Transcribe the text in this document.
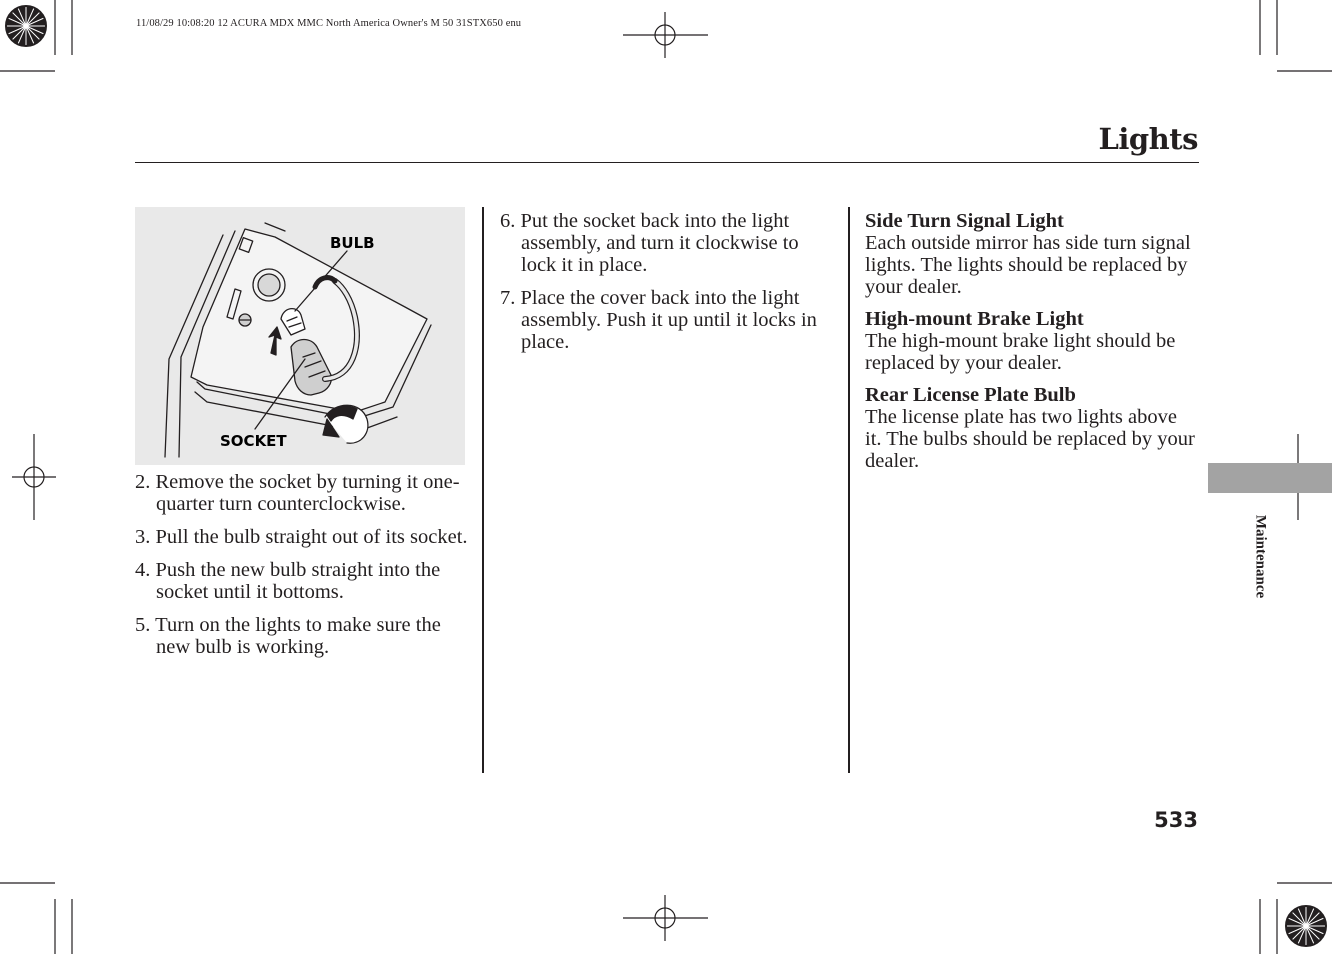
11/08/29 10:08:20 12 ACURA MDX MMC North America Owner's M 50 31STX650 enu
Lights
BULB
SOCKET
2. Remove the socket by turning it one-quarter turn counterclockwise.
3. Pull the bulb straight out of its socket.
4. Push the new bulb straight into the socket until it bottoms.
5. Turn on the lights to make sure the new bulb is working.
6. Put the socket back into the light assembly, and turn it clockwise to lock it in place.
7. Place the cover back into the light assembly. Push it up until it locks in place.
Side Turn Signal Light
Each outside mirror has side turn signal lights. The lights should be replaced by your dealer.
High-mount Brake Light
The high-mount brake light should be replaced by your dealer.
Rear License Plate Bulb
The license plate has two lights above it. The bulbs should be replaced by your dealer.
Maintenance
533
